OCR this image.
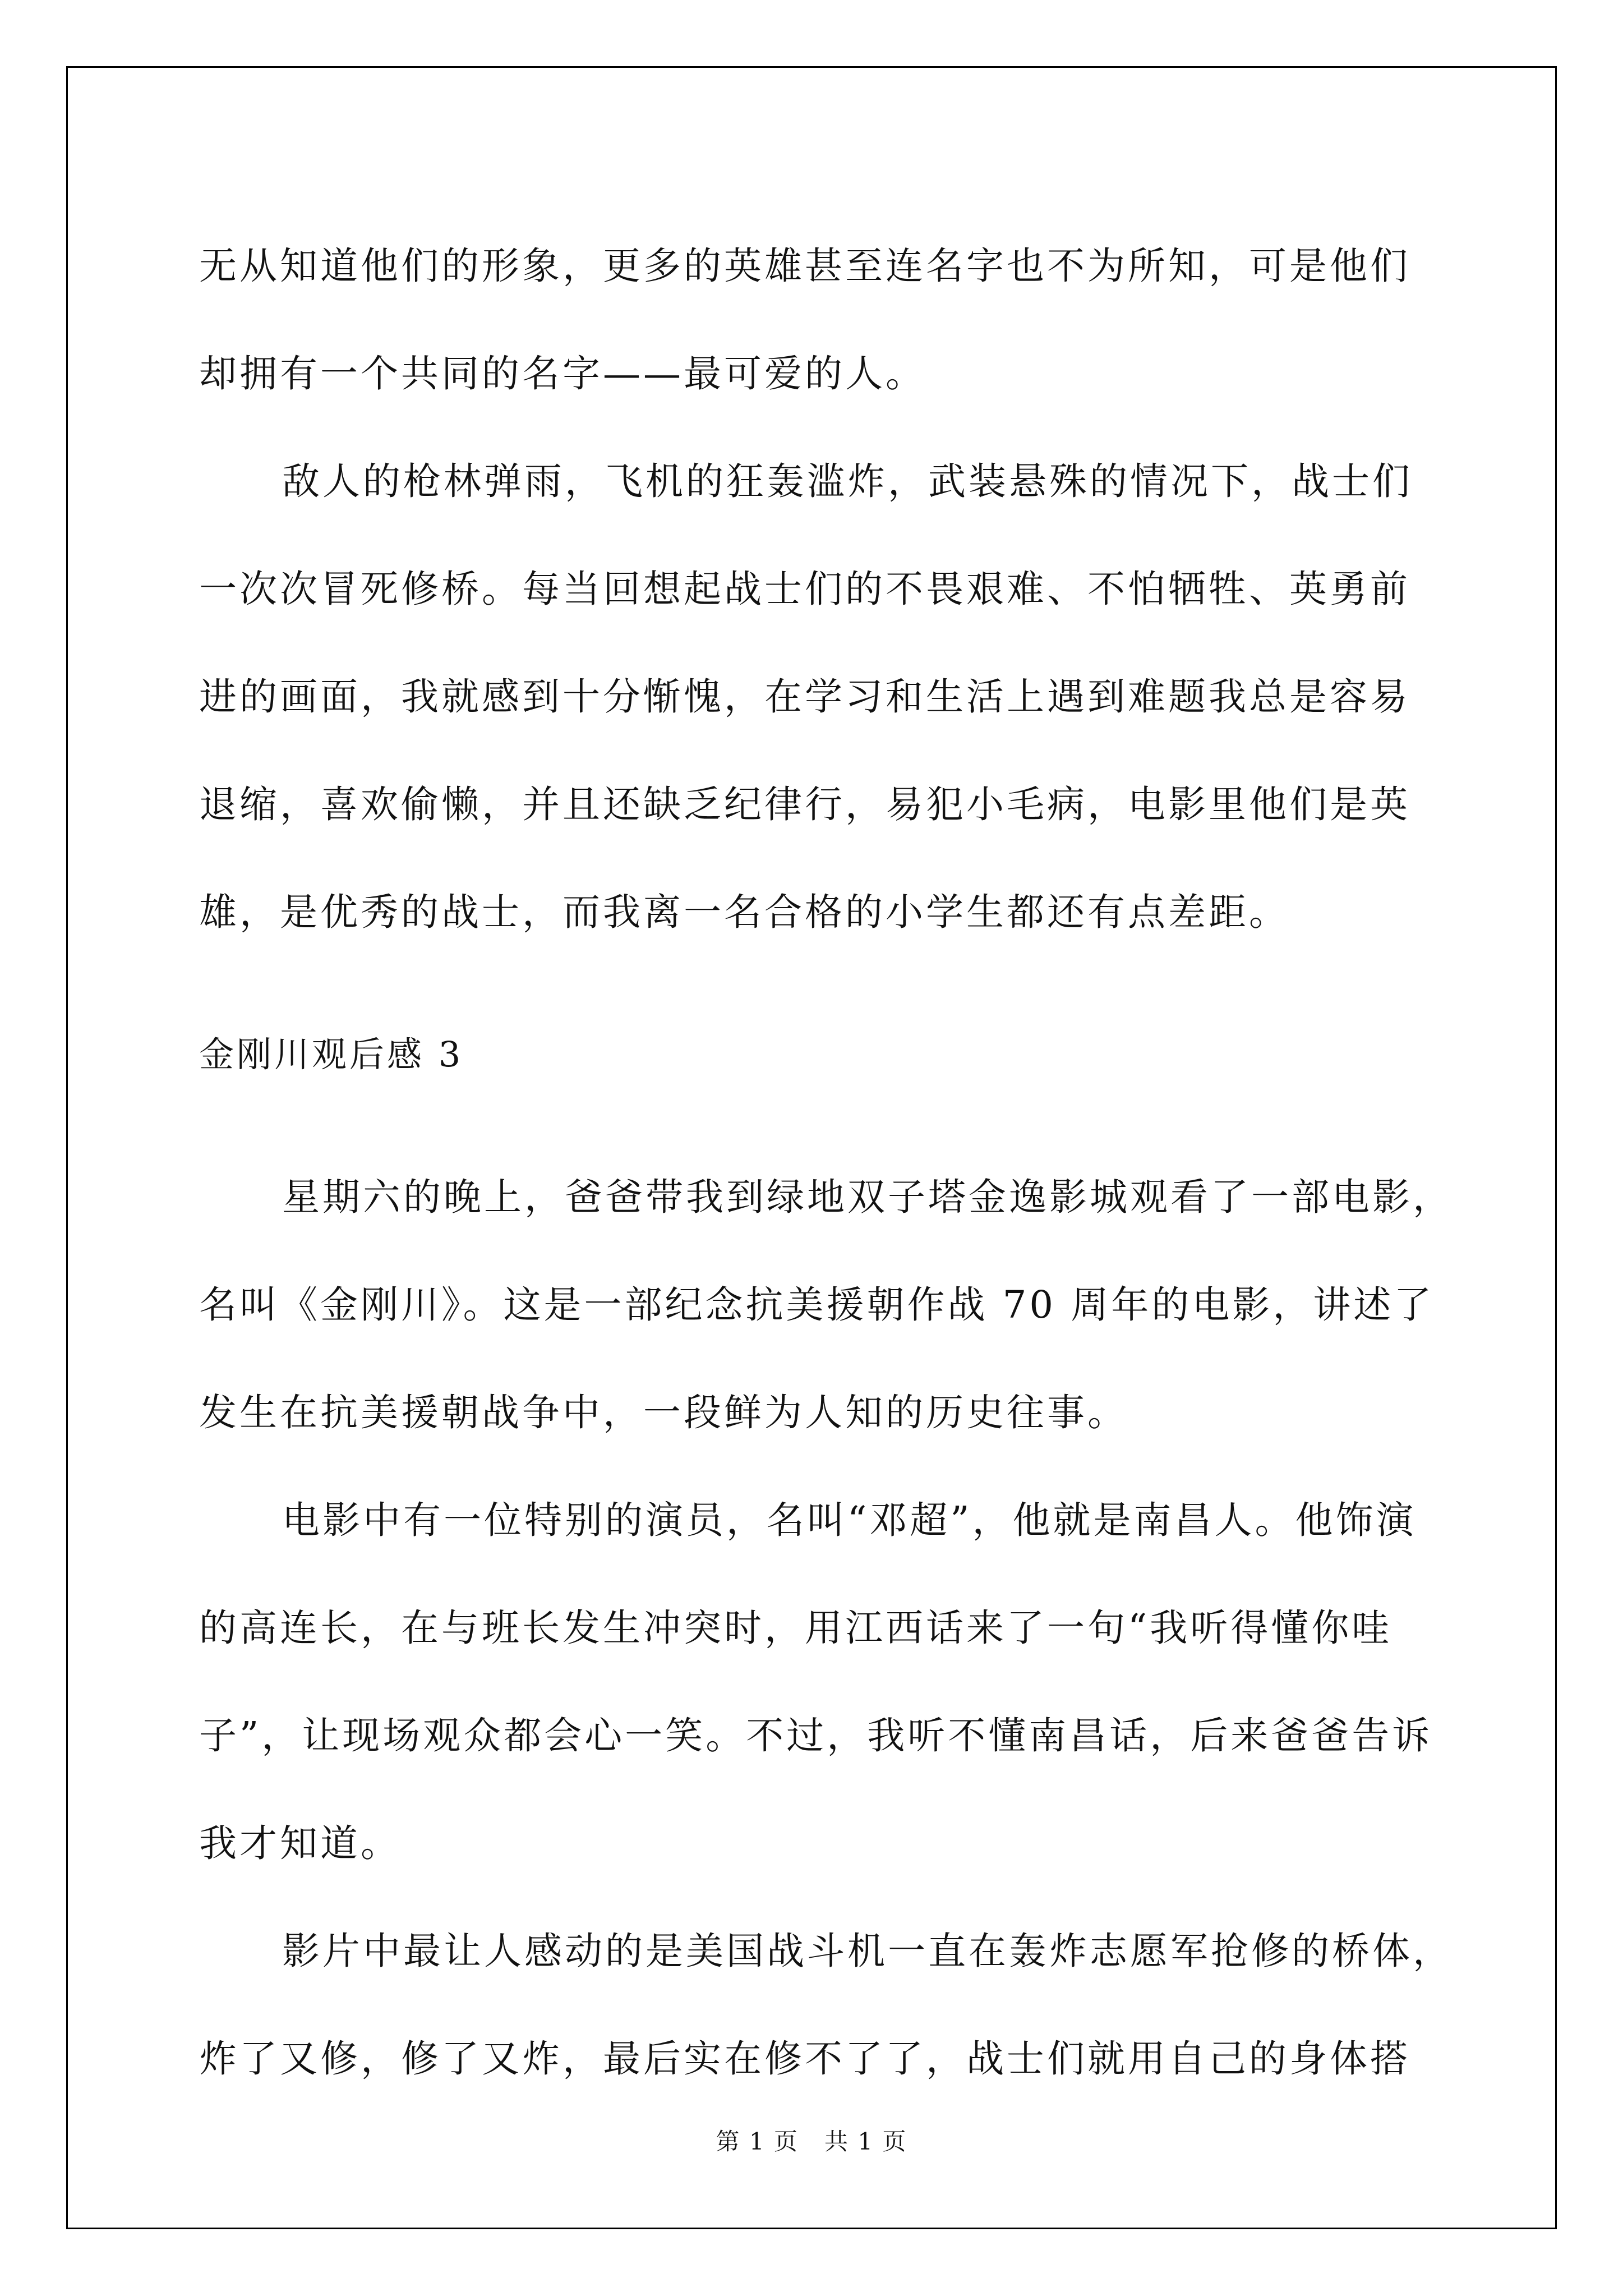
无从知道他们的形象，更多的英雄甚至连名字也不为所知，可是他们

却拥有一个共同的名字——最可爱的人。

敌人的枪林弹雨，飞机的狂轰滥炸，武装悬殊的情况下，战士们

一次次冒死修桥。每当回想起战士们的不畏艰难、不怕牺牲、英勇前

进的画面，我就感到十分惭愧，在学习和生活上遇到难题我总是容易

退缩，喜欢偷懒，并且还缺乏纪律行，易犯小毛病，电影里他们是英

雄，是优秀的战士，而我离一名合格的小学生都还有点差距。

金刚川观后感 3

星期六的晚上，爸爸带我到绿地双子塔金逸影城观看了一部电影，

名叫《金刚川》。这是一部纪念抗美援朝作战 70 周年的电影，讲述了

发生在抗美援朝战争中，一段鲜为人知的历史往事。

电影中有一位特别的演员，名叫“邓超”，他就是南昌人。他饰演

的高连长，在与班长发生冲突时，用江西话来了一句“我听得懂你哇

子”，让现场观众都会心一笑。不过，我听不懂南昌话，后来爸爸告诉

我才知道。

影片中最让人感动的是美国战斗机一直在轰炸志愿军抢修的桥体，

炸了又修，修了又炸，最后实在修不了了，战士们就用自己的身体搭

第 1 页   共 1 页
